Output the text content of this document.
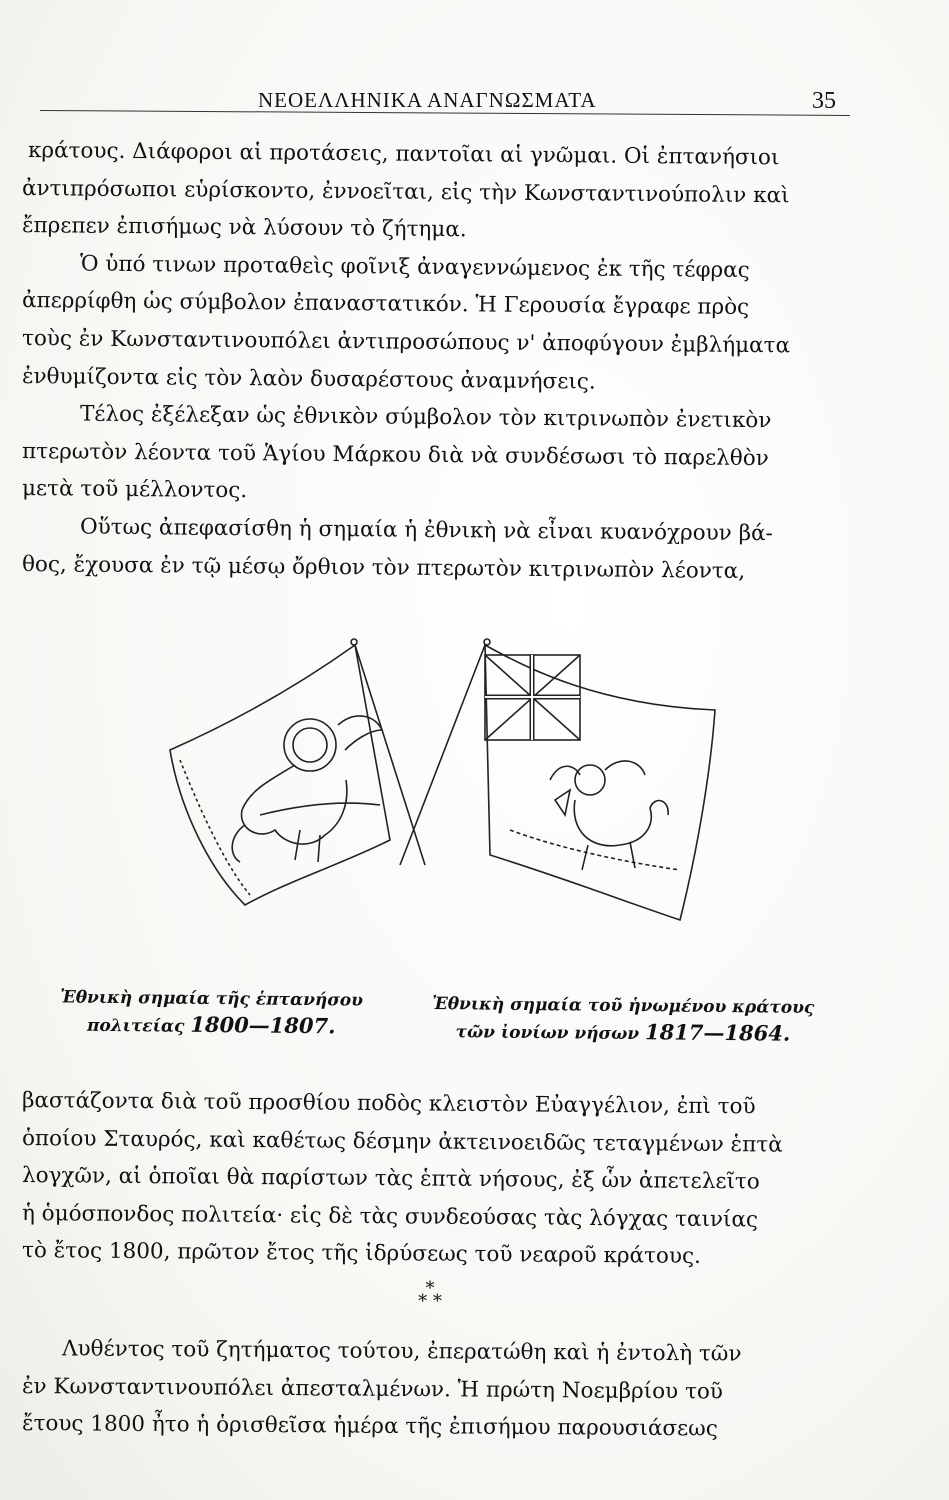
ΝΕΟΕΛΛΗΝΙΚΑ ΑΝΑΓΝΩΣΜΑΤΑ	35
κράτους. Διάφοροι αἱ προτάσεις, παντοῖαι αἱ γνῶμαι. Οἱ ἐπτανήσιοι
ἀντιπρόσωποι εὑρίσκοντο, ἐννοεῖται, εἰς τὴν Κωνσταντινούπολιν καὶ
ἔπρεπεν ἐπισήμως νὰ λύσουν τὸ ζήτημα.
Ὁ ὑπό τινων προταθεὶς φοῖνιξ ἀναγεννώμενος ἐκ τῆς τέφρας
ἀπερρίφθη ὡς σύμβολον ἐπαναστατικόν. Ἡ Γερουσία ἔγραφε πρὸς
τοὺς ἐν Κωνσταντινουπόλει ἀντιπροσώπους ν' ἀποφύγουν ἐμβλήματα
ἐνθυμίζοντα εἰς τὸν λαὸν δυσαρέστους ἀναμνήσεις.
Τέλος ἐξέλεξαν ὡς ἐθνικὸν σύμβολον τὸν κιτρινωπὸν ἐνετικὸν
πτερωτὸν λέοντα τοῦ Ἁγίου Μάρκου διὰ νὰ συνδέσωσι τὸ παρελθὸν
μετὰ τοῦ μέλλοντος.
Οὕτως ἀπεφασίσθη ἡ σημαία ἡ ἐθνικὴ νὰ εἶναι κυανόχρουν βά-
θος, ἔχουσα ἐν τῷ μέσῳ ὄρθιον τὸν πτερωτὸν κιτρινωπὸν λέοντα,
Ἐθνικὴ σημαία τῆς ἑπτανήσου
πολιτείας 1800—1807.
Ἐθνικὴ σημαία τοῦ ἡνωμένου κράτους
τῶν ἰονίων νήσων 1817—1864.
βαστάζοντα διὰ τοῦ προσθίου ποδὸς κλειστὸν Εὐαγγέλιον, ἐπὶ τοῦ
ὁποίου Σταυρός, καὶ καθέτως δέσμην ἀκτεινοειδῶς τεταγμένων ἑπτὰ
λογχῶν, αἱ ὁποῖαι θὰ παρίστων τὰς ἑπτὰ νήσους, ἐξ ὧν ἀπετελεῖτο
ἡ ὁμόσπονδος πολιτεία· εἰς δὲ τὰς συνδεούσας τὰς λόγχας ταινίας
τὸ ἔτος 1800, πρῶτον ἔτος τῆς ἱδρύσεως τοῦ νεαροῦ κράτους.
*
* *
Λυθέντος τοῦ ζητήματος τούτου, ἐπερατώθη καὶ ἡ ἐντολὴ τῶν
ἐν Κωνσταντινουπόλει ἀπεσταλμένων. Ἡ πρώτη Νοεμβρίου τοῦ
ἔτους 1800 ἦτο ἡ ὁρισθεῖσα ἡμέρα τῆς ἐπισήμου παρουσιάσεως
